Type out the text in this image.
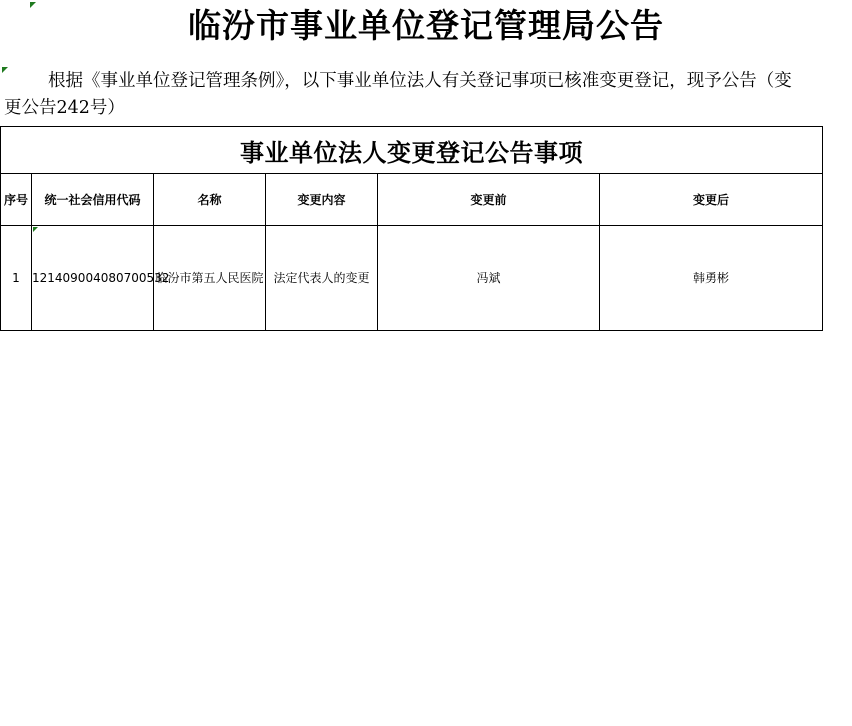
临汾市事业单位登记管理局公告

根据《事业单位登记管理条例》，以下事业单位法人有关登记事项已核准变更登记，现予公告（变更公告242号）

事业单位法人变更登记公告事项					
序号	统一社会信用代码	名称	变更内容	变更前	变更后
1	121409004080700532	临汾市第五人民医院	法定代表人的变更	冯斌	韩勇彬
